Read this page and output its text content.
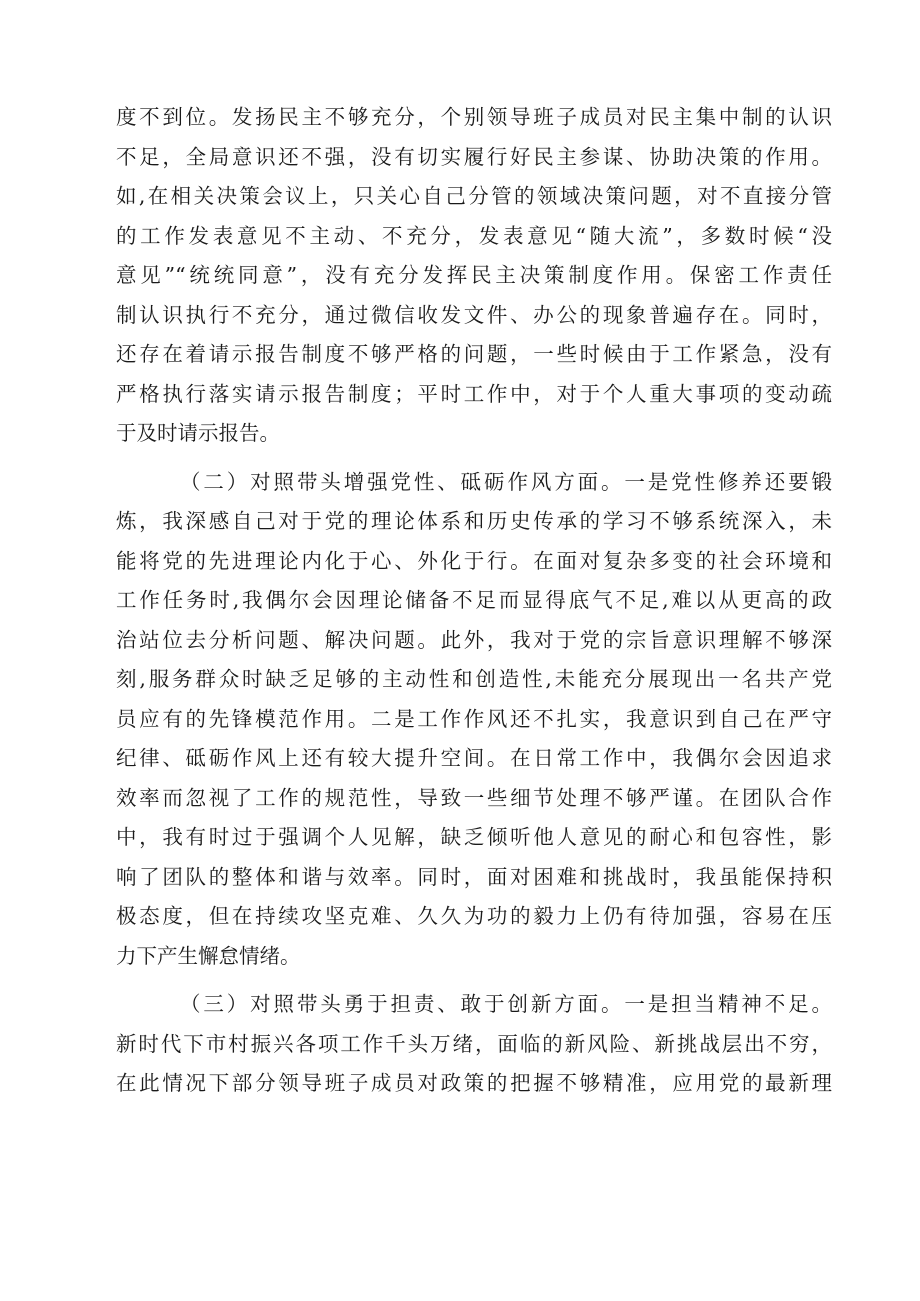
度不到位。发扬民主不够充分，个别领导班子成员对民主集中制的认识
不足，全局意识还不强，没有切实履行好民主参谋、协助决策的作用。
如,在相关决策会议上，只关心自己分管的领域决策问题，对不直接分管
的工作发表意见不主动、不充分，发表意见“随大流”，多数时候“没
意见”“统统同意”，没有充分发挥民主决策制度作用。保密工作责任
制认识执行不充分，通过微信收发文件、办公的现象普遍存在。同时，
还存在着请示报告制度不够严格的问题，一些时候由于工作紧急，没有
严格执行落实请示报告制度；平时工作中，对于个人重大事项的变动疏
于及时请示报告。
（二）对照带头增强党性、砥砺作风方面。一是党性修养还要锻
炼，我深感自己对于党的理论体系和历史传承的学习不够系统深入，未
能将党的先进理论内化于心、外化于行。在面对复杂多变的社会环境和
工作任务时,我偶尔会因理论储备不足而显得底气不足,难以从更高的政
治站位去分析问题、解决问题。此外，我对于党的宗旨意识理解不够深
刻,服务群众时缺乏足够的主动性和创造性,未能充分展现出一名共产党
员应有的先锋模范作用。二是工作作风还不扎实，我意识到自己在严守
纪律、砥砺作风上还有较大提升空间。在日常工作中，我偶尔会因追求
效率而忽视了工作的规范性，导致一些细节处理不够严谨。在团队合作
中，我有时过于强调个人见解，缺乏倾听他人意见的耐心和包容性，影
响了团队的整体和谐与效率。同时，面对困难和挑战时，我虽能保持积
极态度，但在持续攻坚克难、久久为功的毅力上仍有待加强，容易在压
力下产生懈怠情绪。
（三）对照带头勇于担责、敢于创新方面。一是担当精神不足。
新时代下市村振兴各项工作千头万绪，面临的新风险、新挑战层出不穷，
在此情况下部分领导班子成员对政策的把握不够精准，应用党的最新理
